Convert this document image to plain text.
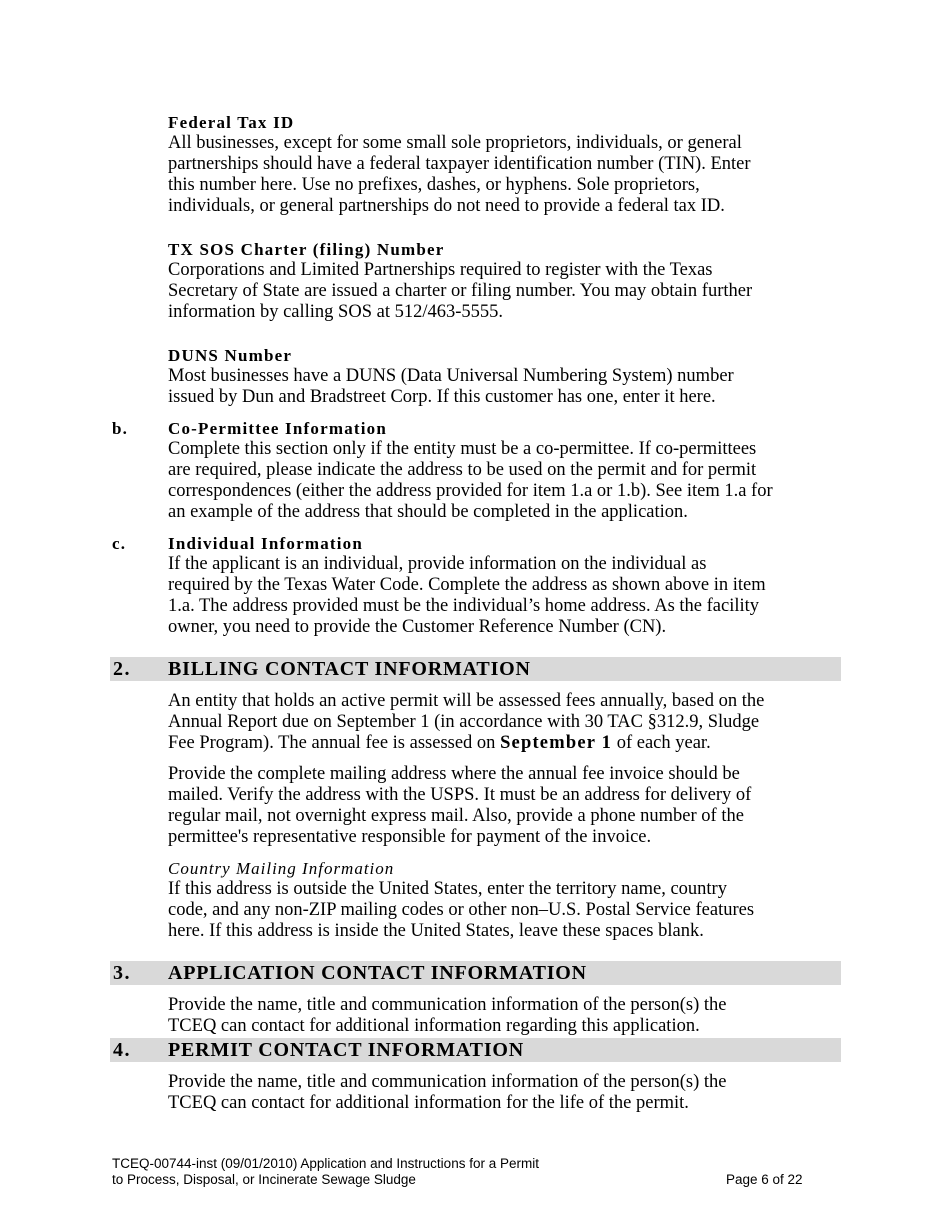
Federal Tax ID

All businesses, except for some small sole proprietors, individuals, or general

partnerships should have a federal taxpayer identification number (TIN). Enter

this number here. Use no prefixes, dashes, or hyphens. Sole proprietors,

individuals, or general partnerships do not need to provide a federal tax ID.

TX SOS Charter (filing) Number

Corporations and Limited Partnerships required to register with the Texas

Secretary of State are issued a charter or filing number. You may obtain further

information by calling SOS at 512/463-5555.

DUNS Number

Most businesses have a DUNS (Data Universal Numbering System) number

issued by Dun and Bradstreet Corp. If this customer has one, enter it here.

b. Co-Permittee Information

Complete this section only if the entity must be a co-permittee. If co-permittees

are required, please indicate the address to be used on the permit and for permit

correspondences (either the address provided for item 1.a or 1.b). See item 1.a for

an example of the address that should be completed in the application.

c. Individual Information

If the applicant is an individual, provide information on the individual as

required by the Texas Water Code. Complete the address as shown above in item

1.a. The address provided must be the individual’s home address. As the facility

owner, you need to provide the Customer Reference Number (CN).

2. BILLING CONTACT INFORMATION

An entity that holds an active permit will be assessed fees annually, based on the

Annual Report due on September 1 (in accordance with 30 TAC §312.9, Sludge

Fee Program). The annual fee is assessed on September 1 of each year.

Provide the complete mailing address where the annual fee invoice should be

mailed. Verify the address with the USPS. It must be an address for delivery of

regular mail, not overnight express mail. Also, provide a phone number of the

permittee's representative responsible for payment of the invoice.

Country Mailing Information

If this address is outside the United States, enter the territory name, country

code, and any non-ZIP mailing codes or other non–U.S. Postal Service features

here. If this address is inside the United States, leave these spaces blank.

3. APPLICATION CONTACT INFORMATION

Provide the name, title and communication information of the person(s) the

TCEQ can contact for additional information regarding this application.

4. PERMIT CONTACT INFORMATION

Provide the name, title and communication information of the person(s) the

TCEQ can contact for additional information for the life of the permit.

TCEQ-00744-inst (09/01/2010) Application and Instructions for a Permit
to Process, Disposal, or Incinerate Sewage Sludge	Page 6 of 22
